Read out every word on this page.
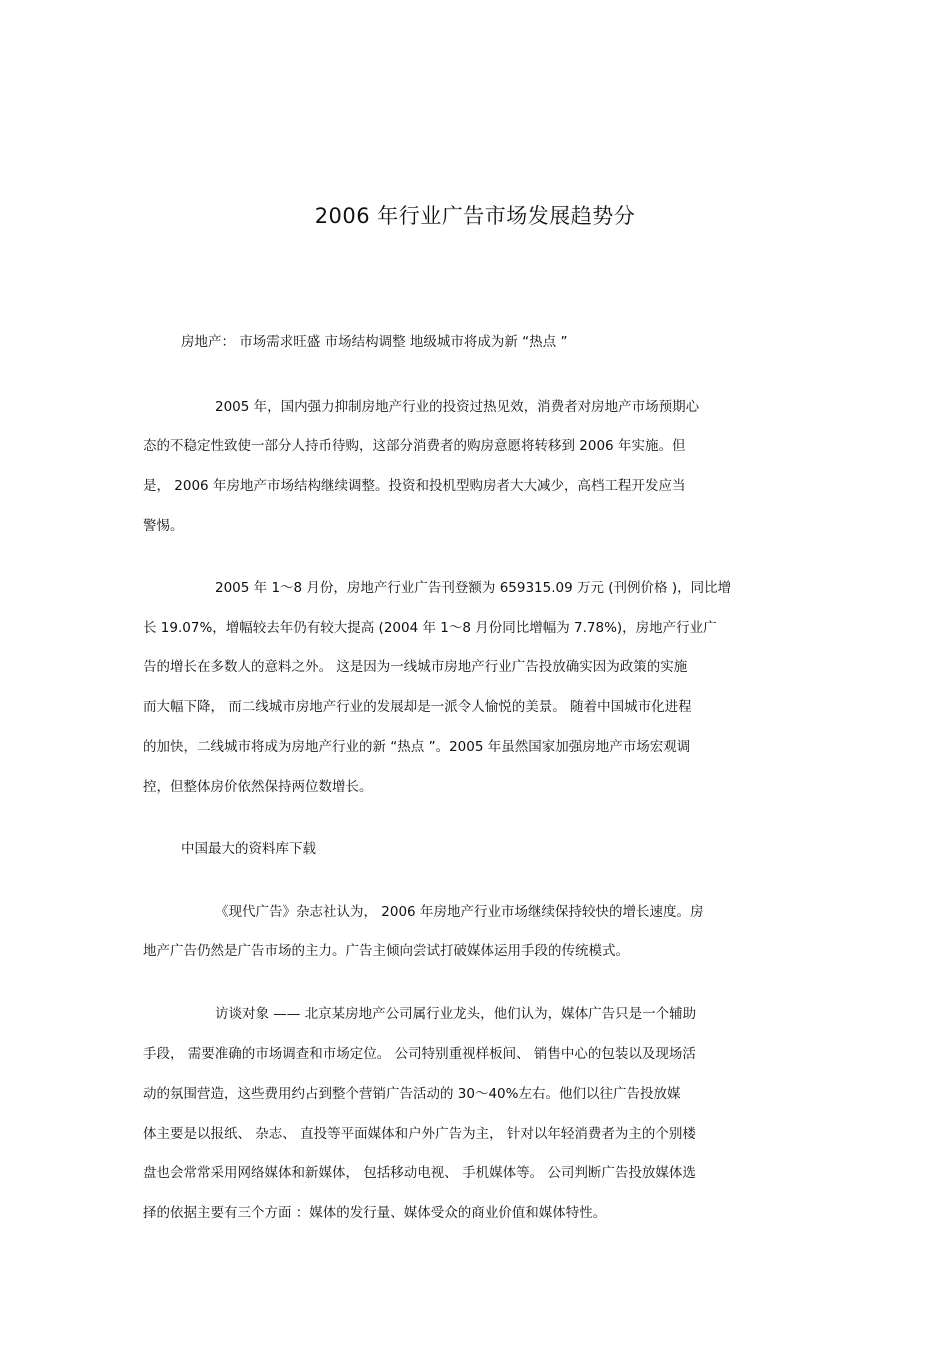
2006 年行业广告市场发展趋势分
房地产： 市场需求旺盛 市场结构调整 地级城市将成为新 “热点 ”
2005 年，国内强力抑制房地产行业的投资过热见效，消费者对房地产市场预期心
态的不稳定性致使一部分人持币待购，这部分消费者的购房意愿将转移到 2006 年实施。但
是， 2006 年房地产市场结构继续调整。投资和投机型购房者大大减少，高档工程开发应当
警惕。
2005 年 1～8 月份，房地产行业广告刊登额为 659315.09 万元 (刊例价格 )，同比增
长 19.07%，增幅较去年仍有较大提高 (2004 年 1～8 月份同比增幅为 7.78%)，房地产行业广
告的增长在多数人的意料之外。 这是因为一线城市房地产行业广告投放确实因为政策的实施
而大幅下降， 而二线城市房地产行业的发展却是一派令人愉悦的美景。 随着中国城市化进程
的加快，二线城市将成为房地产行业的新 “热点 ”。2005 年虽然国家加强房地产市场宏观调
控，但整体房价依然保持两位数增长。
中国最大的资料库下载
《现代广告》杂志社认为， 2006 年房地产行业市场继续保持较快的增长速度。房
地产广告仍然是广告市场的主力。广告主倾向尝试打破媒体运用手段的传统模式。
访谈对象 —— 北京某房地产公司属行业龙头，他们认为，媒体广告只是一个辅助
手段， 需要准确的市场调查和市场定位。 公司特别重视样板间、 销售中心的包装以及现场活
动的氛围营造，这些费用约占到整个营销广告活动的 30～40%左右。他们以往广告投放媒
体主要是以报纸、 杂志、 直投等平面媒体和户外广告为主， 针对以年轻消费者为主的个别楼
盘也会常常采用网络媒体和新媒体， 包括移动电视、 手机媒体等。 公司判断广告投放媒体选
择的依据主要有三个方面 ：媒体的发行量、媒体受众的商业价值和媒体特性。
